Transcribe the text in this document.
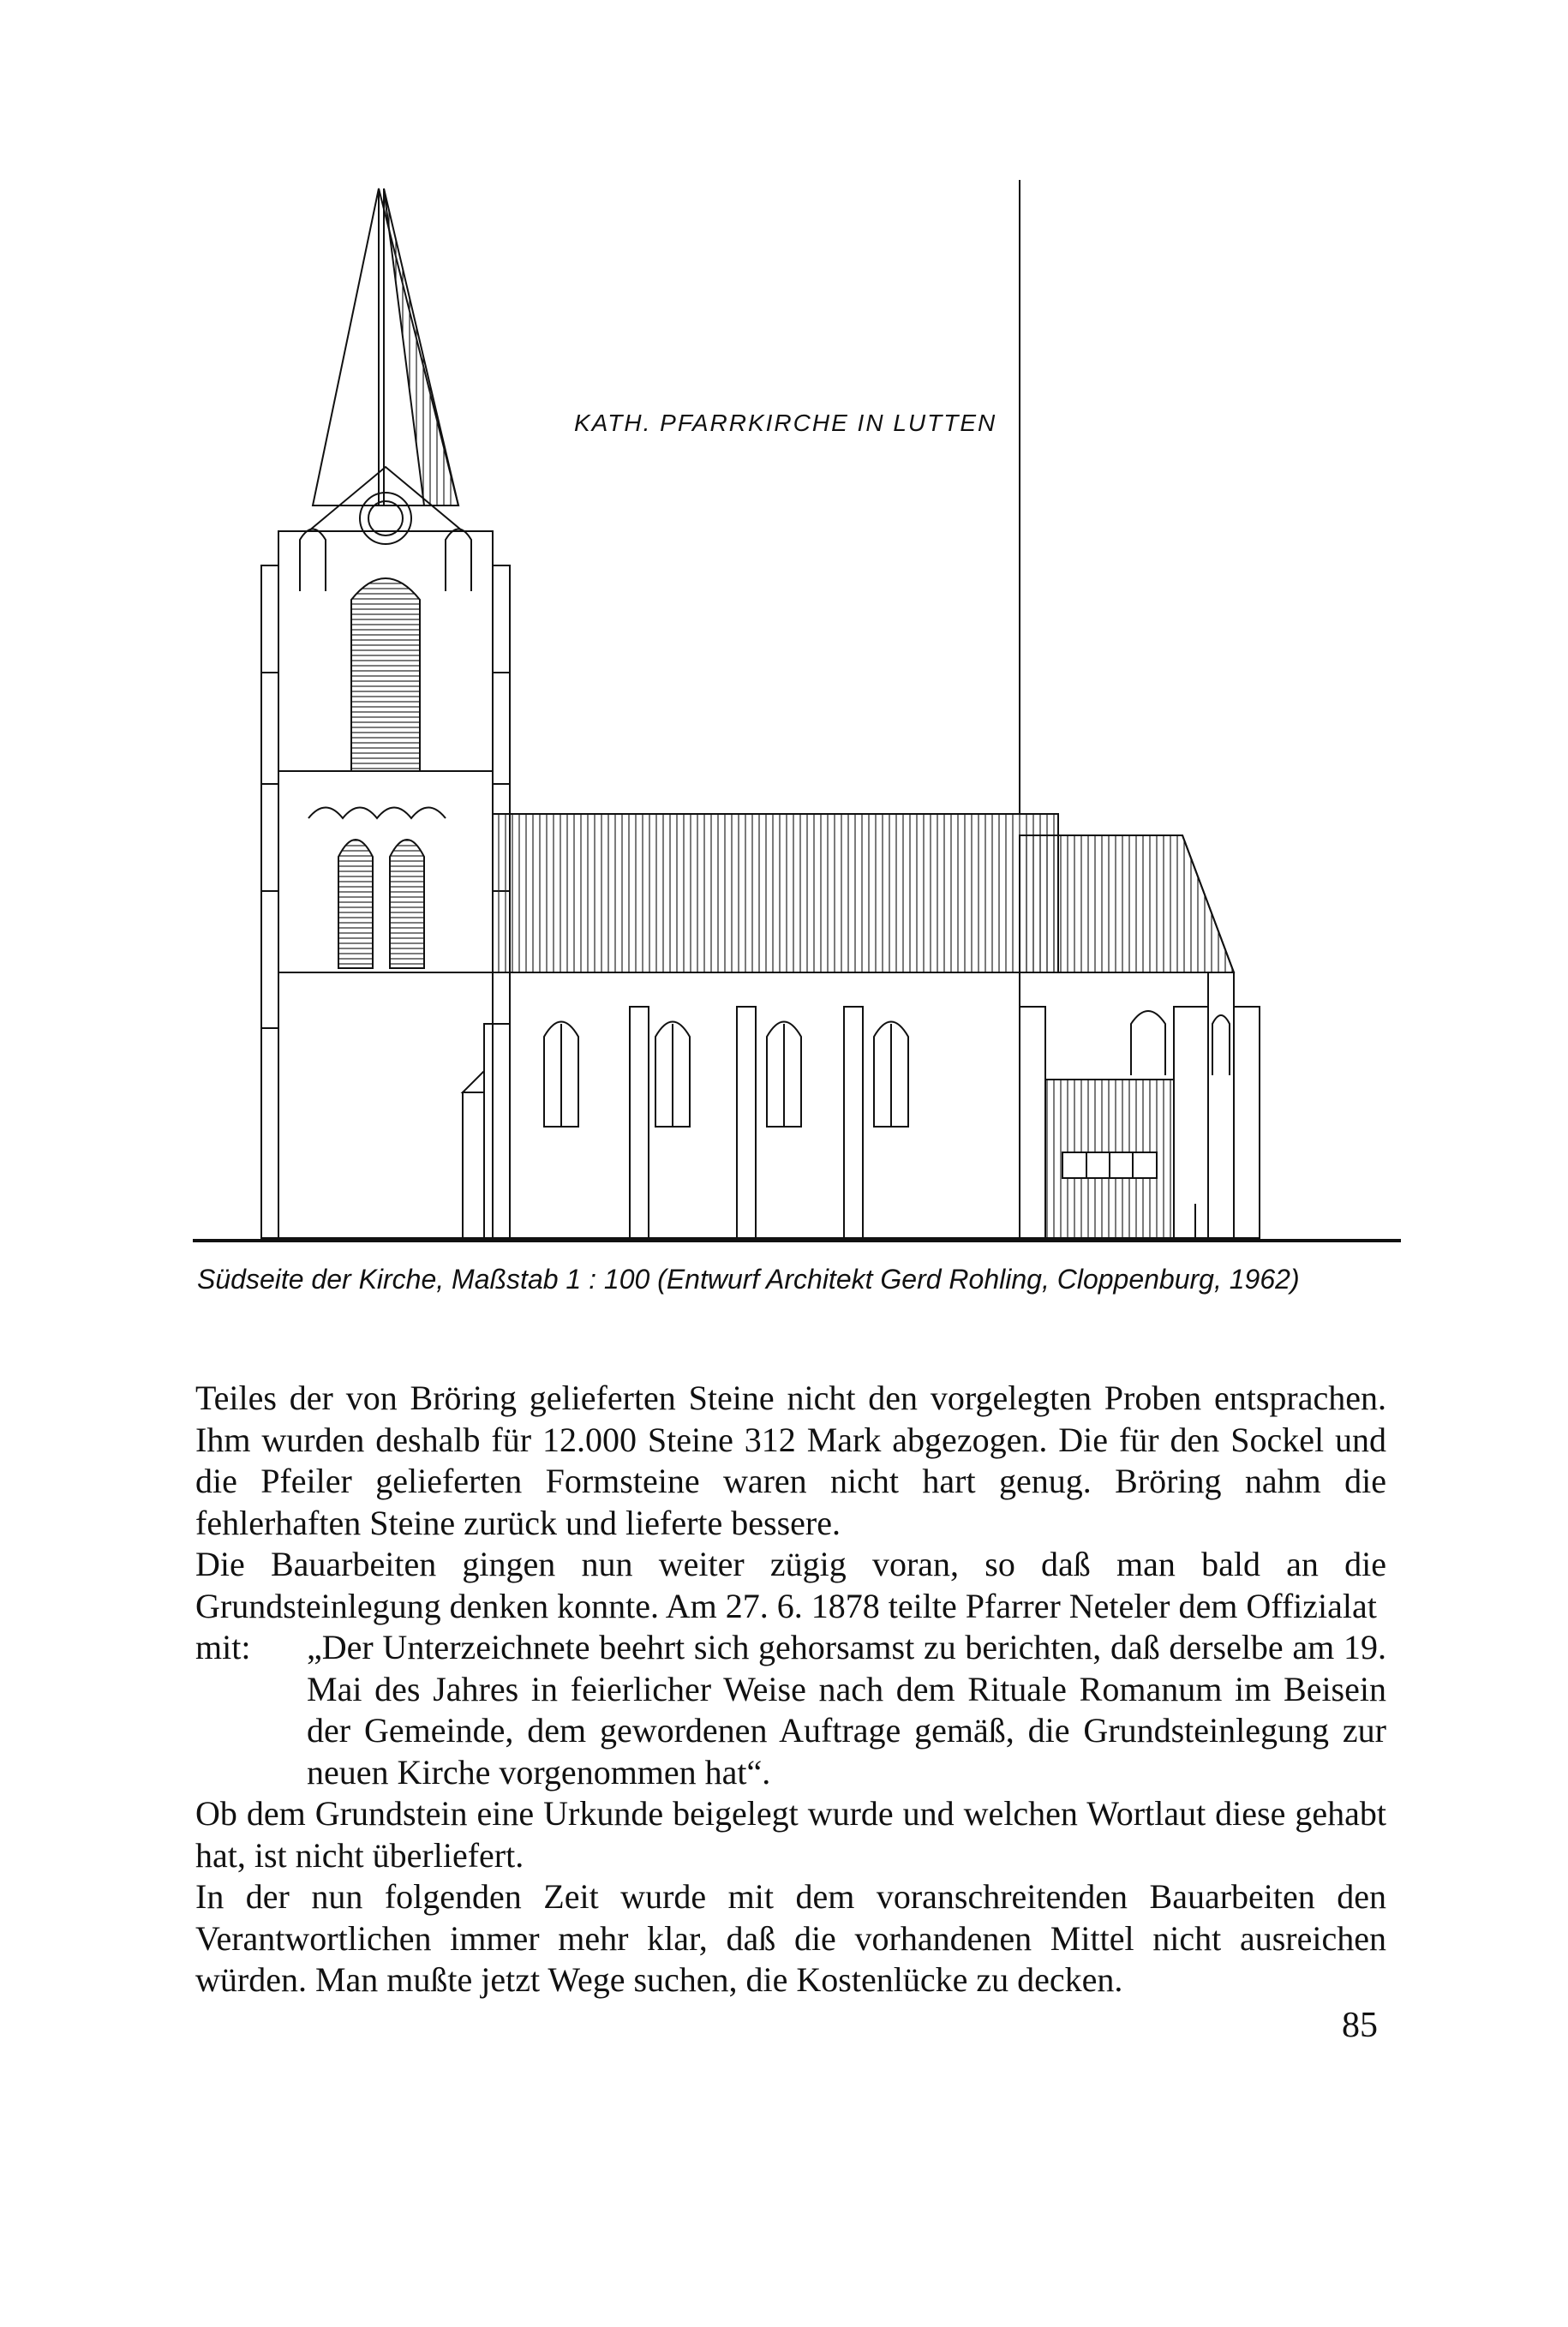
KATH. PFARRKIRCHE IN LUTTEN
Südseite der Kirche, Maßstab 1 : 100 (Entwurf Architekt Gerd Rohling, Cloppenburg, 1962)

Teiles der von Bröring gelieferten Steine nicht den vorgelegten Proben entsprachen. Ihm wurden deshalb für 12.000 Steine 312 Mark abgezogen. Die für den Sockel und die Pfeiler gelieferten Formsteine waren nicht hart genug. Bröring nahm die fehlerhaften Steine zurück und lieferte bessere.

Die Bauarbeiten gingen nun weiter zügig voran, so daß man bald an die Grundsteinlegung denken konnte. Am 27. 6. 1878 teilte Pfarrer Neteler dem Offizialat

mit:	„Der Unterzeichnete beehrt sich gehorsamst zu berichten, daß derselbe am 19. Mai des Jahres in feierlicher Weise nach dem Rituale Romanum im Beisein der Gemeinde, dem gewordenen Auftrage gemäß, die Grundsteinlegung zur neuen Kirche vorgenommen hat“.

Ob dem Grundstein eine Urkunde beigelegt wurde und welchen Wortlaut diese gehabt hat, ist nicht überliefert.

In der nun folgenden Zeit wurde mit dem voranschreitenden Bauarbeiten den Verantwortlichen immer mehr klar, daß die vorhandenen Mittel nicht ausreichen würden. Man mußte jetzt Wege suchen, die Kostenlücke zu decken.

85
